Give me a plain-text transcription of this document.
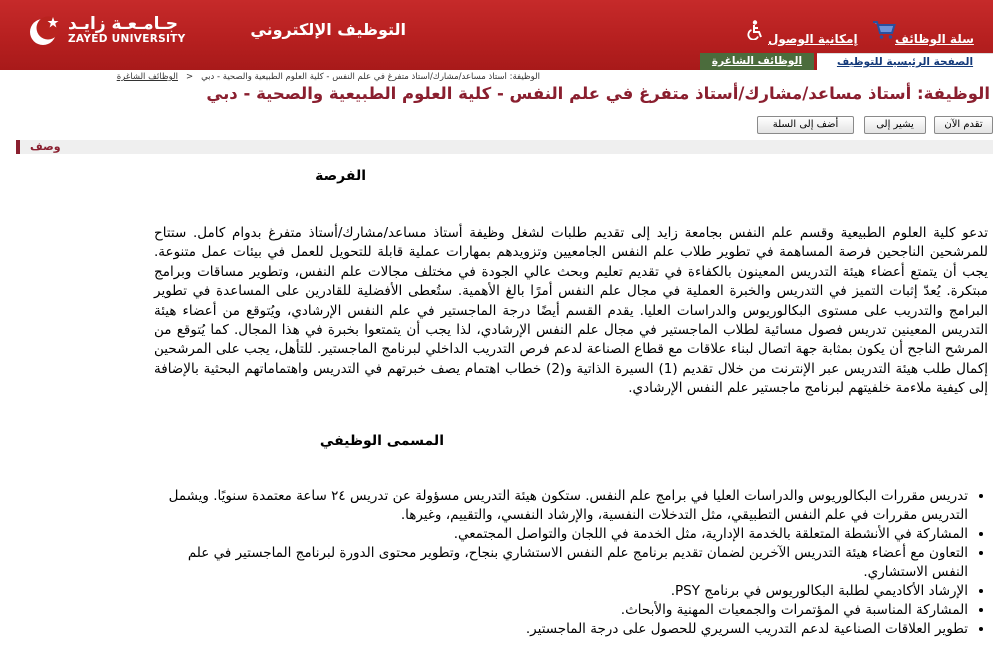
جـامـعـة زايـد
ZAYED UNIVERSITY	التوظيف الإلكتروني	إمكانية الوصول	سلة الوظائف
الوظائف الشاغرة	الصفحة الرئيسية للتوظيف
الوظيفة: أستاذ مساعد/مشارك/أستاذ متفرغ في علم النفس - كلية العلوم الطبيعية والصحية - دبي<الوظائف الشاغرة
الوظيفة: أستاذ مساعد/مشارك/أستاذ متفرغ في علم النفس - كلية العلوم الطبيعية والصحية - دبي
تقدم الآن
يشير إلى
أضف إلى السلة
وصف
الفرصة
تدعو كلية العلوم الطبيعية وقسم علم النفس بجامعة زايد إلى تقديم طلبات لشغل وظيفة أستاذ مساعد/مشارك/أستاذ متفرغ بدوام كامل. ستتاح للمرشحين الناجحين فرصة المساهمة في تطوير طلاب علم النفس الجامعيين وتزويدهم بمهارات عملية قابلة للتحويل للعمل في بيئات عمل متنوعة. يجب أن يتمتع أعضاء هيئة التدريس المعينون بالكفاءة في تقديم تعليم وبحث عالي الجودة في مختلف مجالات علم النفس، وتطوير مساقات وبرامج مبتكرة. يُعدّ إثبات التميز في التدريس والخبرة العملية في مجال علم النفس أمرًا بالغ الأهمية. ستُعطى الأفضلية للقادرين على المساعدة في تطوير البرامج والتدريب على مستوى البكالوريوس والدراسات العليا. يقدم القسم أيضًا درجة الماجستير في علم النفس الإرشادي، ويُتوقع من أعضاء هيئة التدريس المعينين تدريس فصول مسائية لطلاب الماجستير في مجال علم النفس الإرشادي، لذا يجب أن يتمتعوا بخبرة في هذا المجال. كما يُتوقع من المرشح الناجح أن يكون بمثابة جهة اتصال لبناء علاقات مع قطاع الصناعة لدعم فرص التدريب الداخلي لبرنامج الماجستير. للتأهل، يجب على المرشحين إكمال طلب هيئة التدريس عبر الإنترنت من خلال تقديم (1) السيرة الذاتية و(2) خطاب اهتمام يصف خبرتهم في التدريس واهتماماتهم البحثية بالإضافة إلى كيفية ملاءمة خلفيتهم لبرنامج ماجستير علم النفس الإرشادي.
المسمى الوظيفي
• تدريس مقررات البكالوريوس والدراسات العليا في برامج علم النفس. ستكون هيئة التدريس مسؤولة عن تدريس ٢٤ ساعة معتمدة سنويًا. ويشمل التدريس مقررات في علم النفس التطبيقي، مثل التدخلات النفسية، والإرشاد النفسي، والتقييم، وغيرها.
• المشاركة في الأنشطة المتعلقة بالخدمة الإدارية، مثل الخدمة في اللجان والتواصل المجتمعي.
• التعاون مع أعضاء هيئة التدريس الآخرين لضمان تقديم برنامج علم النفس الاستشاري بنجاح، وتطوير محتوى الدورة لبرنامج الماجستير في علم النفس الاستشاري.
• الإرشاد الأكاديمي لطلبة البكالوريوس في برنامج PSY.
• المشاركة المناسبة في المؤتمرات والجمعيات المهنية والأبحاث.
• تطوير العلاقات الصناعية لدعم التدريب السريري للحصول على درجة الماجستير.
